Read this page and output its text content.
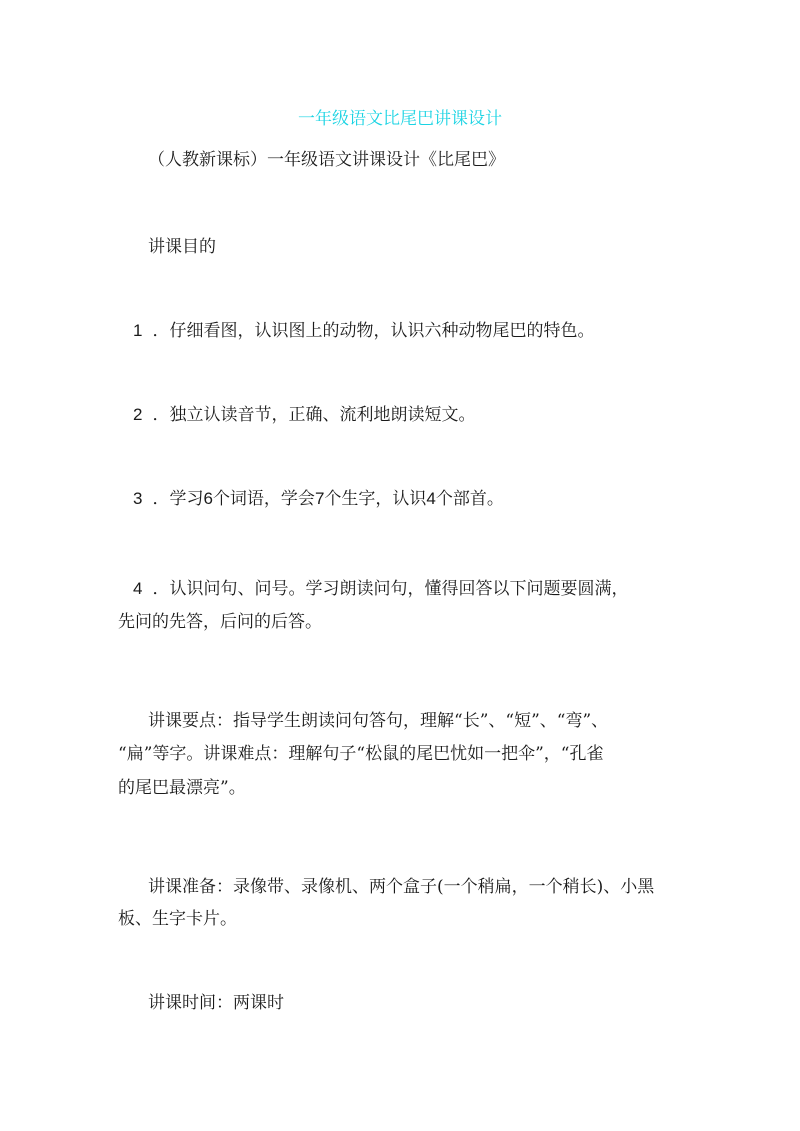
一年级语文比尾巴讲课设计
（人教新课标）一年级语文讲课设计《比尾巴》
讲课目的
1 ．仔细看图，认识图上的动物，认识六种动物尾巴的特色。
2 ．独立认读音节，正确、流利地朗读短文。
3 ．学习6个词语，学会7个生字，认识4个部首。
4 ．认识问句、问号。学习朗读问句，懂得回答以下问题要圆满，
先问的先答，后问的后答。
讲课要点：指导学生朗读问句答句，理解“长”、“短”、“弯”、
“扁”等字。讲课难点：理解句子“松鼠的尾巴忧如一把伞”，“孔雀
的尾巴最漂亮”。
讲课准备：录像带、录像机、两个盒子(一个稍扁，一个稍长)、小黑
板、生字卡片。
讲课时间：两课时
